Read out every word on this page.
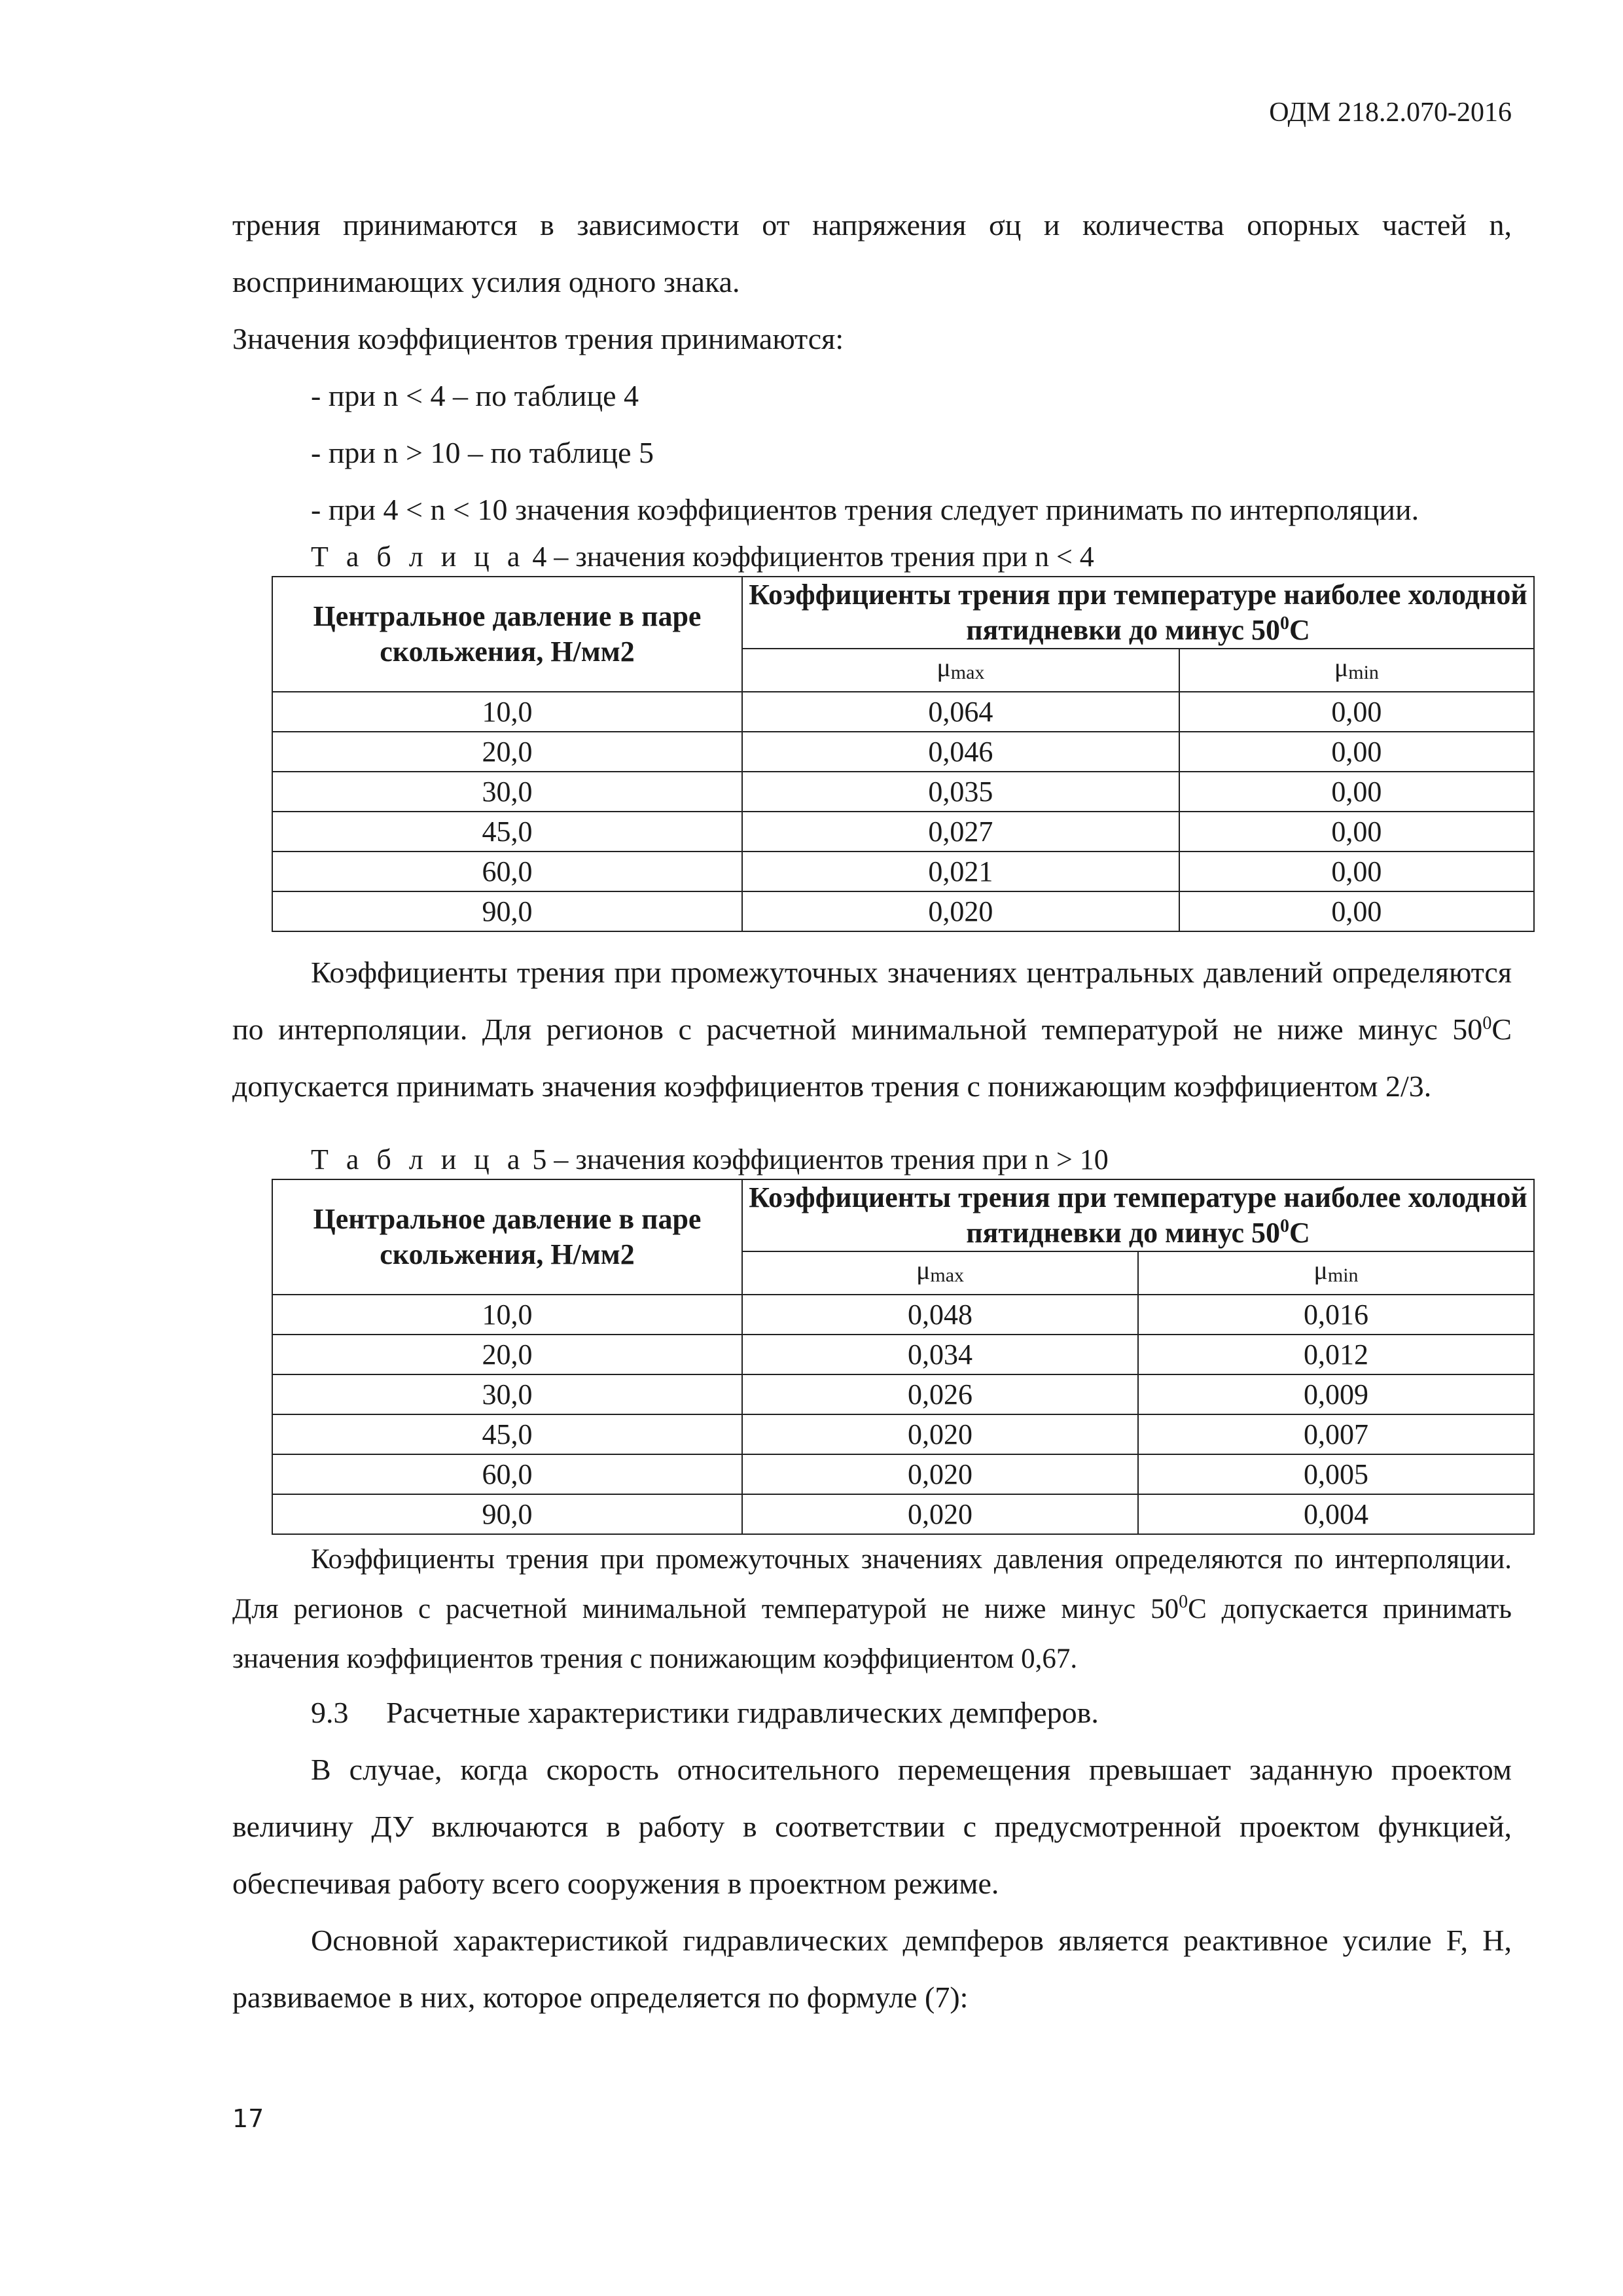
ОДМ 218.2.070-2016

трения принимаются в зависимости от напряжения σц и количества опорных частей n, воспринимающих усилия одного знака.

Значения коэффициентов трения принимаются:

- при n < 4 – по таблице 4

- при n > 10 – по таблице 5

- при 4 < n < 10 значения коэффициентов трения следует принимать по интерполяции.

Т а б л и ц а 4 – значения коэффициентов трения при n < 4
Центральное давление в паре скольжения, Н/мм2	Коэффициенты трения при температуре наиболее холодной пятидневки до минус $50^0С$	
	$\mu_{max}$	$\mu_{min}$
10,0	0,064	0,00
20,0	0,046	0,00
30,0	0,035	0,00
45,0	0,027	0,00
60,0	0,021	0,00
90,0	0,020	0,00

Коэффициенты трения при промежуточных значениях центральных давлений определяются по интерполяции. Для регионов с расчетной минимальной температурой не ниже минус $50^0С$ допускается принимать значения коэффициентов трения с понижающим коэффициентом 2/3.

Т а б л и ц а 5 – значения коэффициентов трения при n > 10
Центральное давление в паре скольжения, Н/мм2	Коэффициенты трения при температуре наиболее холодной пятидневки до минус $50^0С$	
	$\mu_{max}$	$\mu_{min}$
10,0	0,048	0,016
20,0	0,034	0,012
30,0	0,026	0,009
45,0	0,020	0,007
60,0	0,020	0,005
90,0	0,020	0,004

Коэффициенты трения при промежуточных значениях давления определяются по интерполяции. Для регионов с расчетной минимальной температурой не ниже минус $50^0С$ допускается принимать значения коэффициентов трения с понижающим коэффициентом 0,67.

9.3 Расчетные характеристики гидравлических демпферов.

В случае, когда скорость относительного перемещения превышает заданную проектом величину ДУ включаются в работу в соответствии с предусмотренной проектом функцией, обеспечивая работу всего сооружения в проектном режиме.

Основной характеристикой гидравлических демпферов является реактивное усилие F, Н, развиваемое в них, которое определяется по формуле (7):

17
